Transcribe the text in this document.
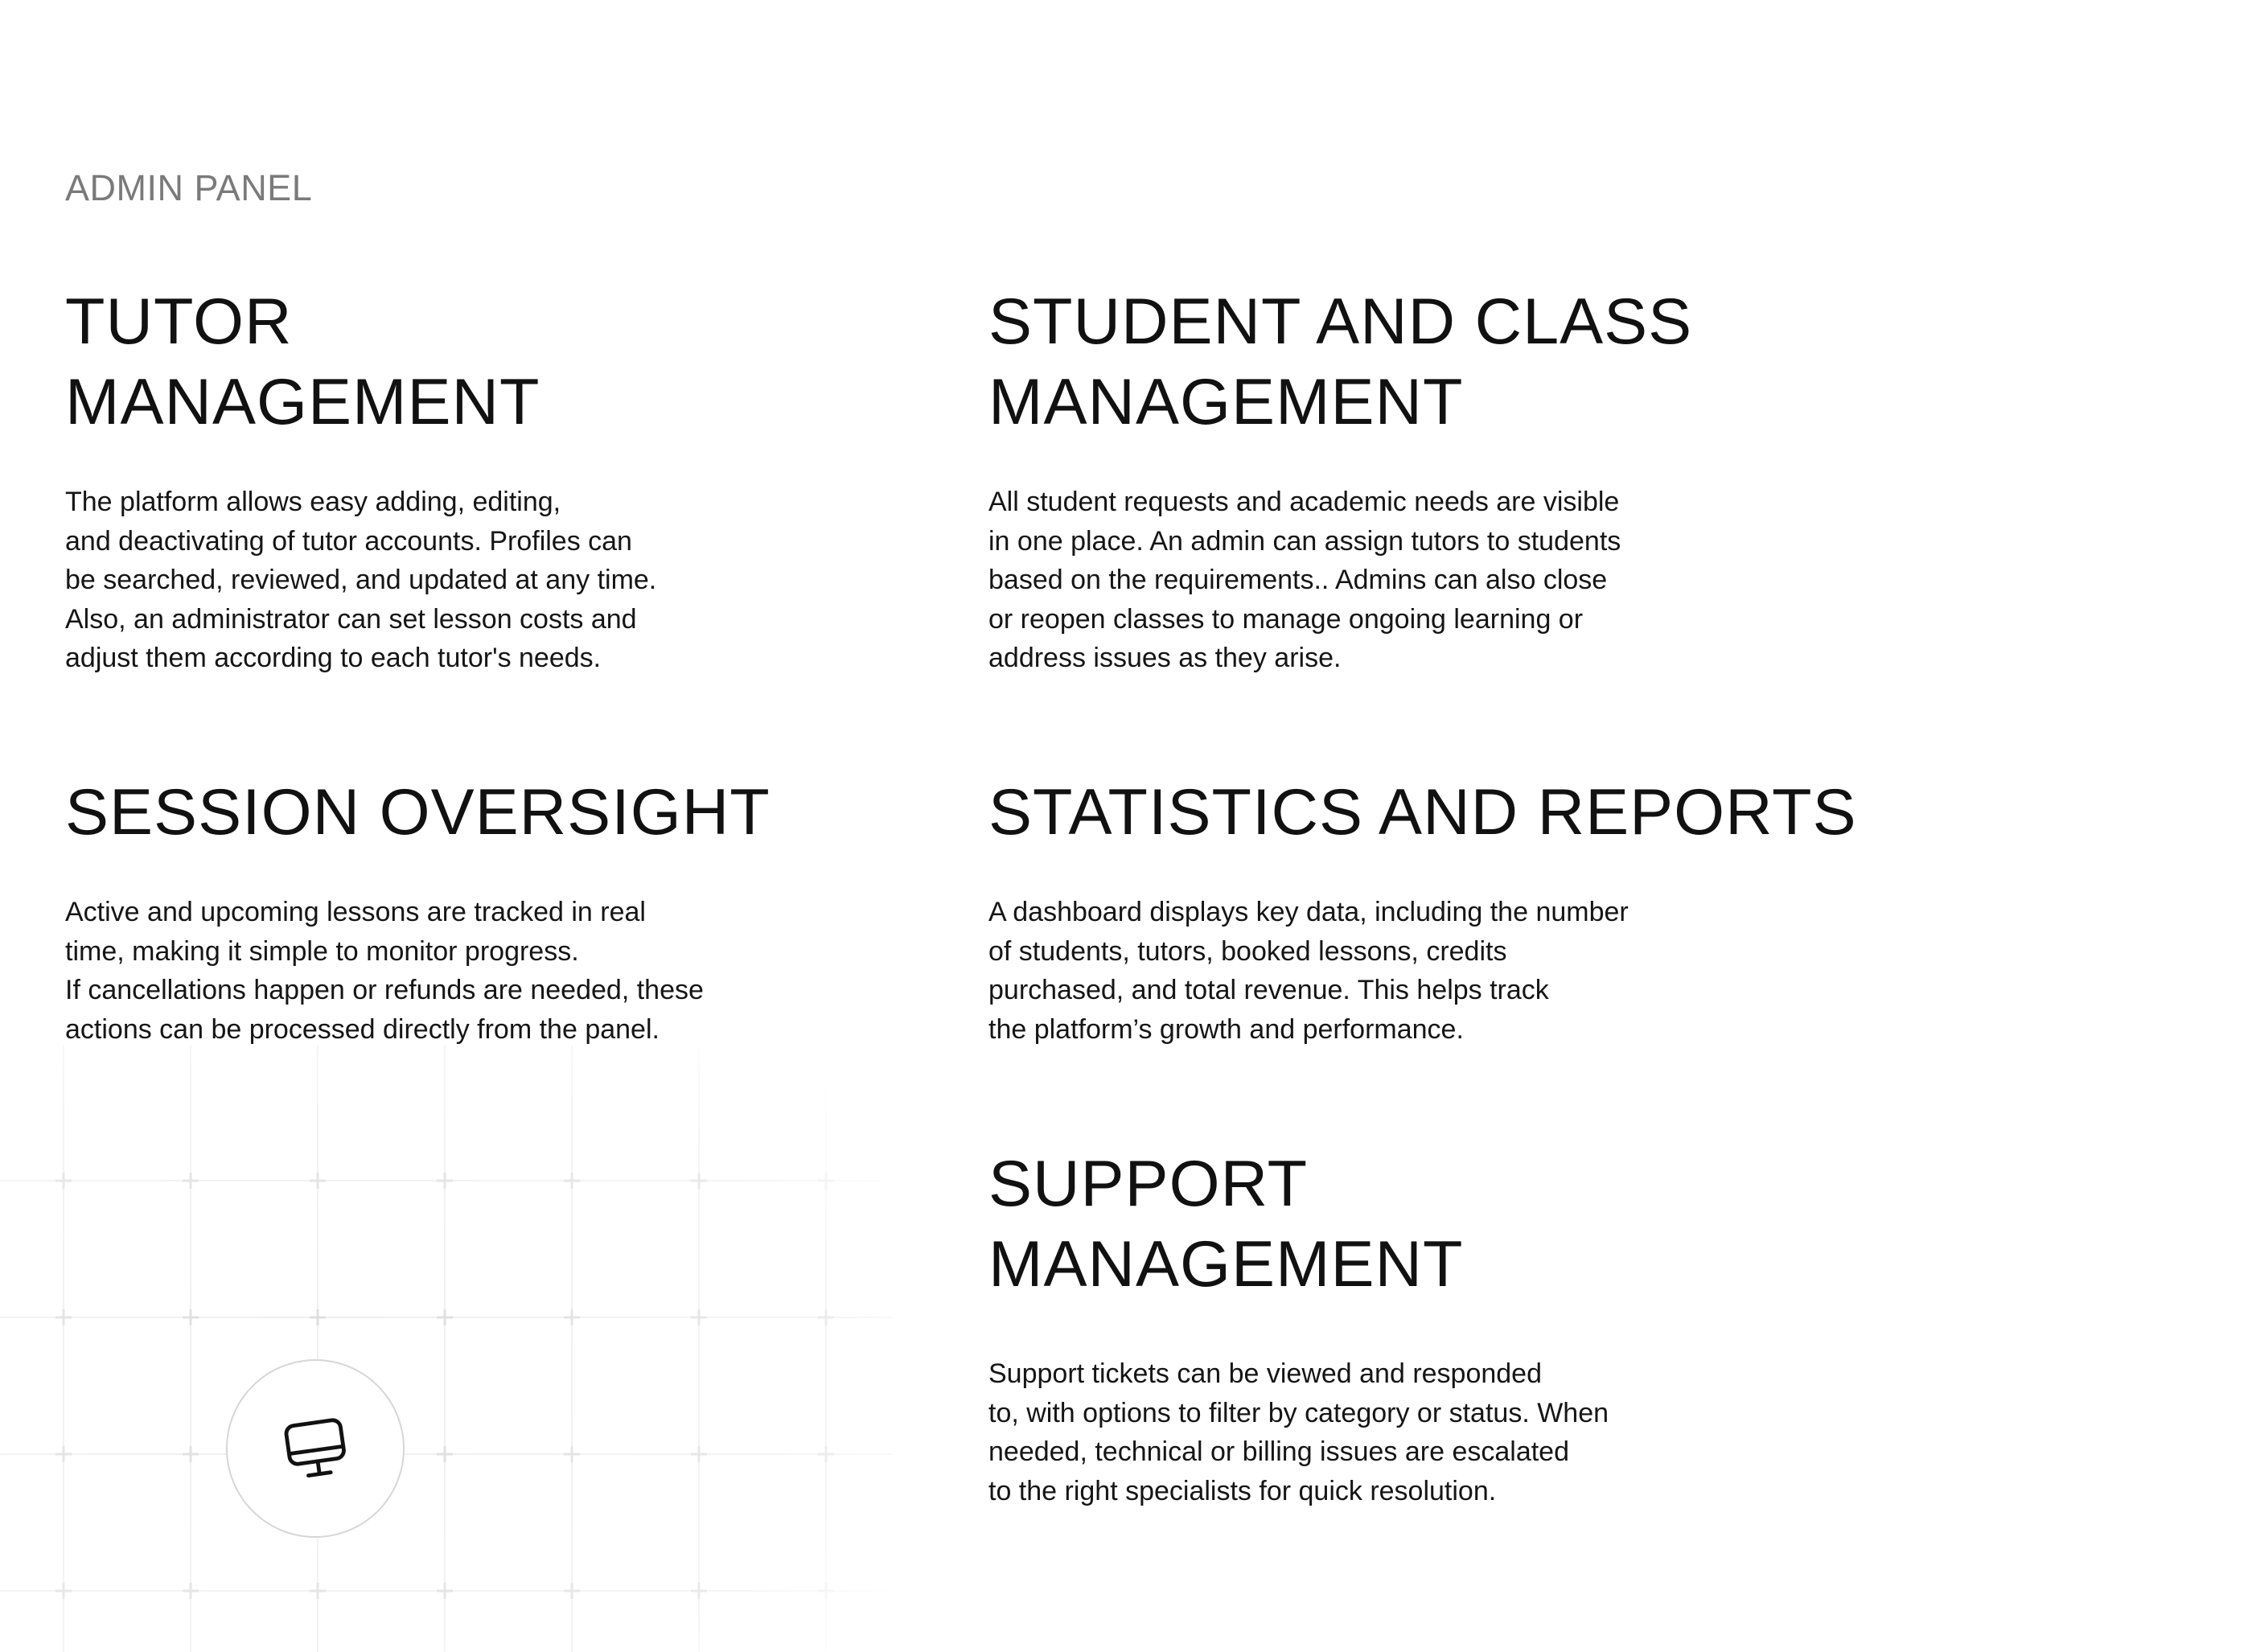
ADMIN PANEL
TUTOR
MANAGEMENT

The platform allows easy adding, editing,
and deactivating of tutor accounts. Profiles can
be searched, reviewed, and updated at any time.
Also, an administrator can set lesson costs and
adjust them according to each tutor's needs.

STUDENT AND CLASS
MANAGEMENT

All student requests and academic needs are visible
in one place. An admin can assign tutors to students
based on the requirements.. Admins can also close
or reopen classes to manage ongoing learning or
address issues as they arise.

SESSION OVERSIGHT

Active and upcoming lessons are tracked in real
time, making it simple to monitor progress.
If cancellations happen or refunds are needed, these
actions can be processed directly from the panel.

STATISTICS AND REPORTS

A dashboard displays key data, including the number
of students, tutors, booked lessons, credits
purchased, and total revenue. This helps track
the platform’s growth and performance.

SUPPORT
MANAGEMENT

Support tickets can be viewed and responded
to, with options to filter by category or status. When
needed, technical or billing issues are escalated
to the right specialists for quick resolution.
